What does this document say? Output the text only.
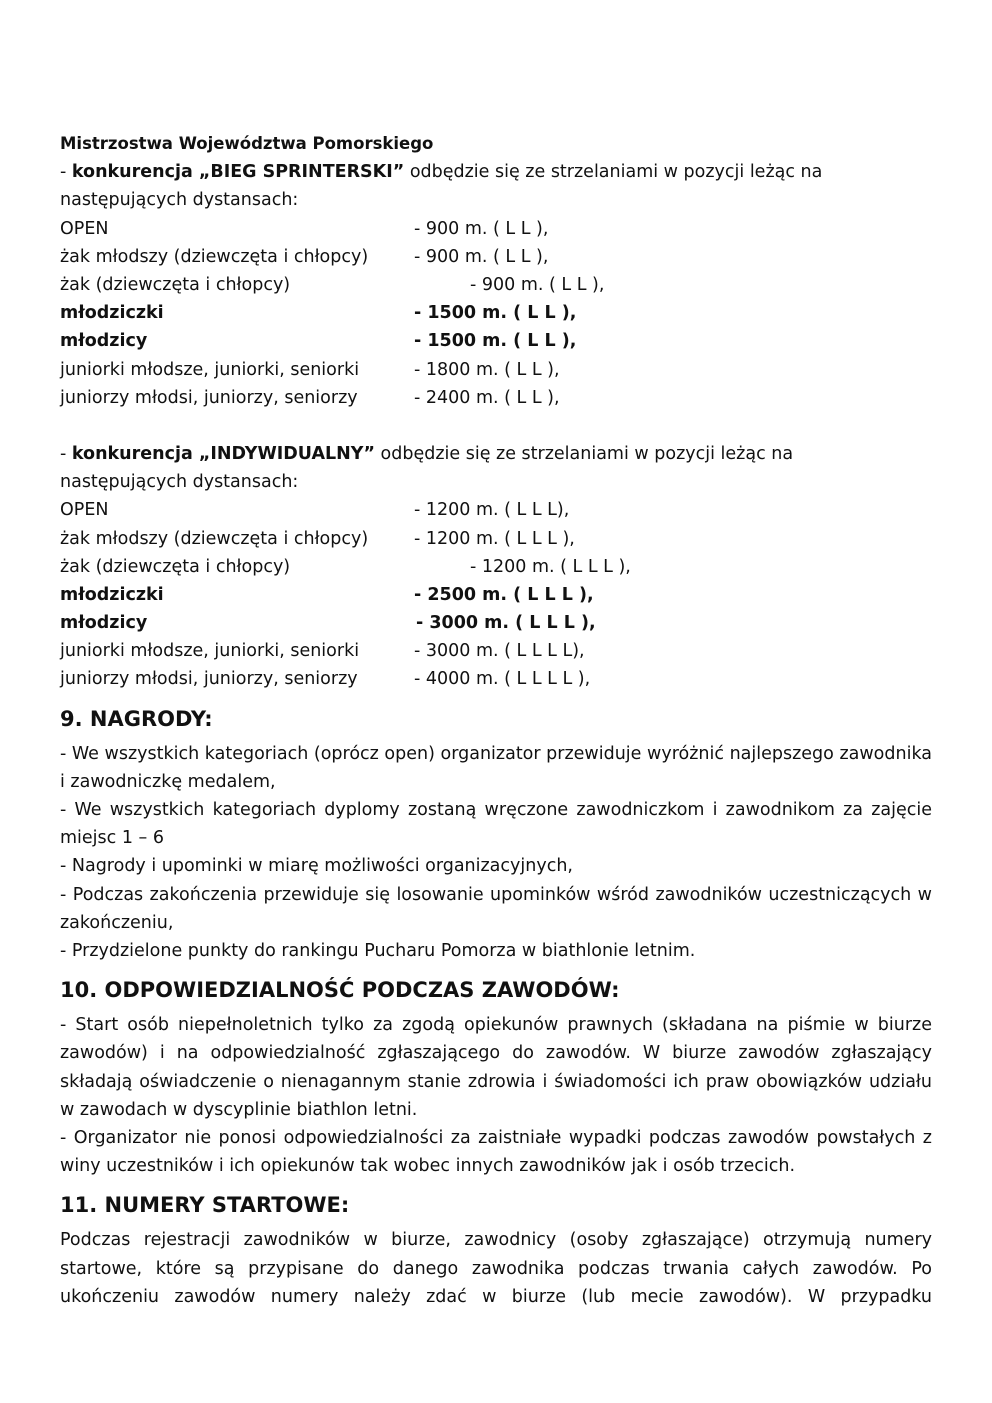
Mistrzostwa Województwa Pomorskiego
- konkurencja „BIEG SPRINTERSKI” odbędzie się ze strzelaniami w pozycji leżąc na
następujących dystansach:
OPEN	- 900 m. ( L L ),
żak młodszy (dziewczęta i chłopcy)	- 900 m. ( L L ),
żak (dziewczęta i chłopcy)	- 900 m. ( L L ),
młodziczki	- 1500 m. ( L L ),
młodzicy	- 1500 m. ( L L ),
juniorki młodsze, juniorki, seniorki	- 1800 m. ( L L ),
juniorzy młodsi, juniorzy, seniorzy	- 2400 m. ( L L ),
- konkurencja „INDYWIDUALNY” odbędzie się ze strzelaniami w pozycji leżąc na
następujących dystansach:
OPEN	- 1200 m. ( L L L),
żak młodszy (dziewczęta i chłopcy)	- 1200 m. ( L L L ),
żak (dziewczęta i chłopcy)	- 1200 m. ( L L L ),
młodziczki	- 2500 m. ( L L L ),
młodzicy	- 3000 m. ( L L L ),
juniorki młodsze, juniorki, seniorki	- 3000 m. ( L L L L),
juniorzy młodsi, juniorzy, seniorzy	- 4000 m. ( L L L L ),
9. NAGRODY:

- We wszystkich kategoriach (oprócz open) organizator przewiduje wyróżnić najlepszego zawodnika i zawodniczkę medalem,

- We wszystkich kategoriach dyplomy zostaną wręczone zawodniczkom i zawodnikom za zajęcie miejsc 1 – 6

- Nagrody i upominki w miarę możliwości organizacyjnych,

- Podczas zakończenia przewiduje się losowanie upominków wśród zawodników uczestniczących w zakończeniu,

- Przydzielone punkty do rankingu Pucharu Pomorza w biathlonie letnim.

10. ODPOWIEDZIALNOŚĆ PODCZAS ZAWODÓW:

- Start osób niepełnoletnich tylko za zgodą opiekunów prawnych (składana na piśmie w biurze zawodów) i na odpowiedzialność zgłaszającego do zawodów. W biurze zawodów zgłaszający składają oświadczenie o nienagannym stanie zdrowia i świadomości ich praw obowiązków udziału w zawodach w dyscyplinie biathlon letni.

- Organizator nie ponosi odpowiedzialności za zaistniałe wypadki podczas zawodów powstałych z winy uczestników i ich opiekunów tak wobec innych zawodników jak i osób trzecich.

11. NUMERY STARTOWE:

Podczas rejestracji zawodników w biurze, zawodnicy (osoby zgłaszające) otrzymują numery startowe, które są przypisane do danego zawodnika podczas trwania całych zawodów. Po ukończeniu zawodów numery należy zdać w biurze (lub mecie zawodów). W przypadku
